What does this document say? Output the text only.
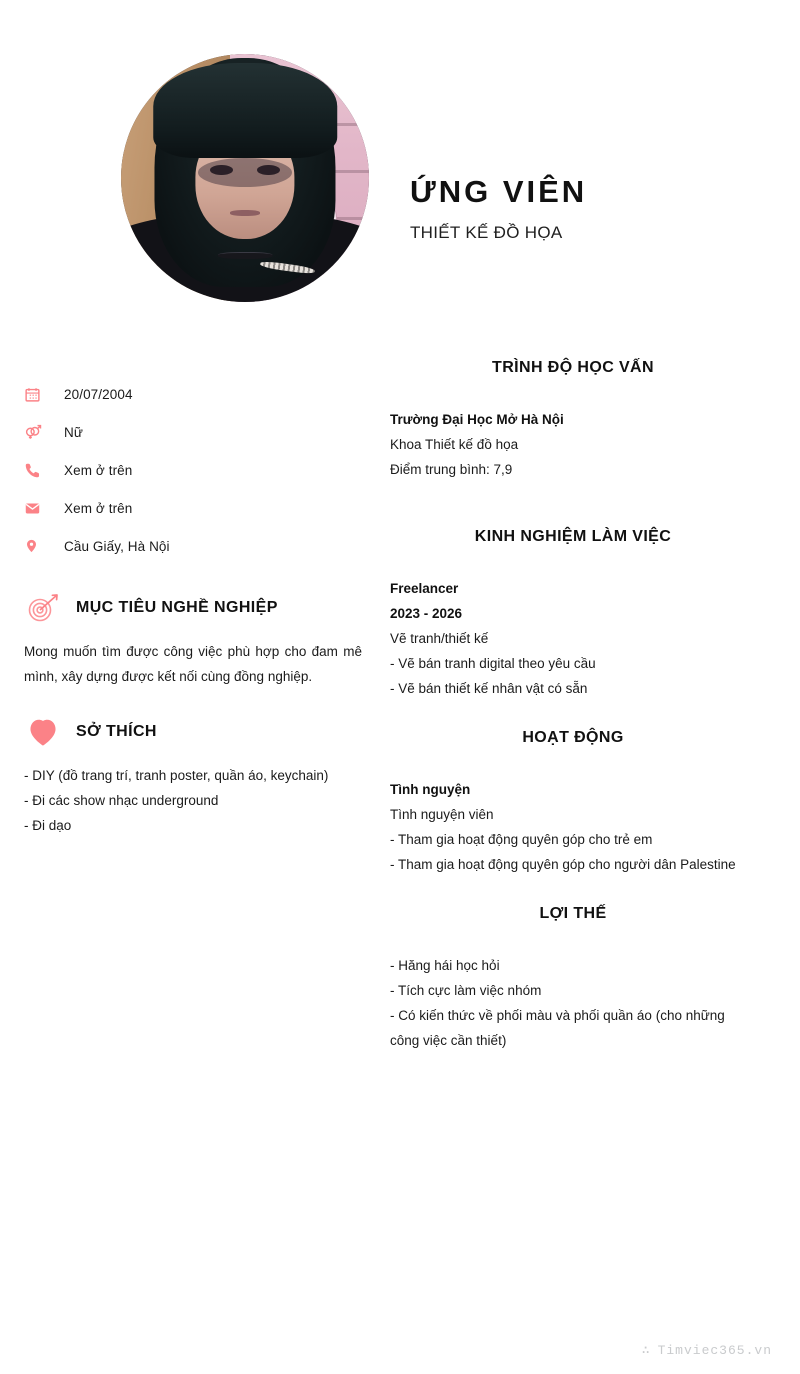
ỨNG VIÊN
THIẾT KẾ ĐỒ HỌA
20/07/2004
Nữ
Xem ở trên
Xem ở trên
Cầu Giấy, Hà Nội
MỤC TIÊU NGHỀ NGHIỆP
Mong muốn tìm được công việc phù hợp cho đam mê mình, xây dựng được kết nối cùng đồng nghiệp.
SỞ THÍCH
- DIY (đồ trang trí, tranh poster, quần áo, keychain)
- Đi các show nhạc underground
- Đi dạo
TRÌNH ĐỘ HỌC VẤN
Trường Đại Học Mở Hà Nội
Khoa Thiết kế đồ họa
Điểm trung bình: 7,9
KINH NGHIỆM LÀM VIỆC
Freelancer
2023 - 2026
Vẽ tranh/thiết kế
- Vẽ bán tranh digital theo yêu cầu
- Vẽ bán thiết kế nhân vật có sẵn
HOẠT ĐỘNG
Tình nguyện
Tình nguyện viên
- Tham gia hoạt động quyên góp cho trẻ em
- Tham gia hoạt động quyên góp cho người dân Palestine
LỢI THẾ
- Hăng hái học hỏi
- Tích cực làm việc nhóm
- Có kiến thức về phối màu và phối quần áo (cho những công việc cần thiết)
∴ Timviec365.vn
